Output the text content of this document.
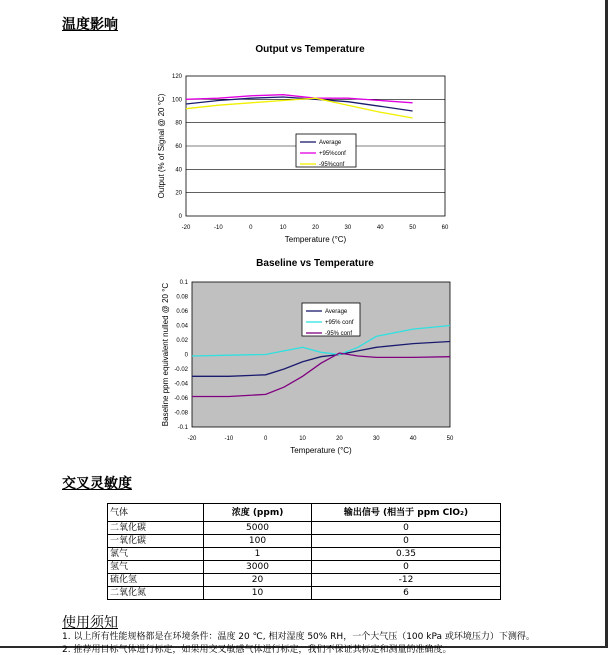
温度影响
Output vs Temperature
120
100
80
60
40
20
0
-20	-10	0	10	20	30	40	50	60
Temperature (°C)
Output (% of Signal @ 20 °C)	Average
+95%conf
-95%conf
Baseline vs Temperature
0.1
0.08
0.06
0.04
0.02
0
-0.02
-0.04
-0.06
-0.08
-0.1
-20	-10	0	10	20	30	40	50
Temperature (°C)
Baseline ppm equivalent nulled @ 20 °C	Average
+95% conf
-95% conf
交叉灵敏度
气体	浓度 (ppm)	输出信号 (相当于 ppm ClO₂)
二氧化碳	5000	0
一氧化碳	100	0
氯气	1	0.35
氢气	3000	0
硫化氢	20	-12
二氧化氮	10	6
使用须知
1. 以上所有性能规格都是在环境条件：温度 20 ℃, 相对湿度 50% RH，一个大气压（100 kPa 或环境压力）下测得。
2. 推荐用目标气体进行标定，如果用交叉敏感气体进行标定，我们不保证其标定和测量的准确度。
